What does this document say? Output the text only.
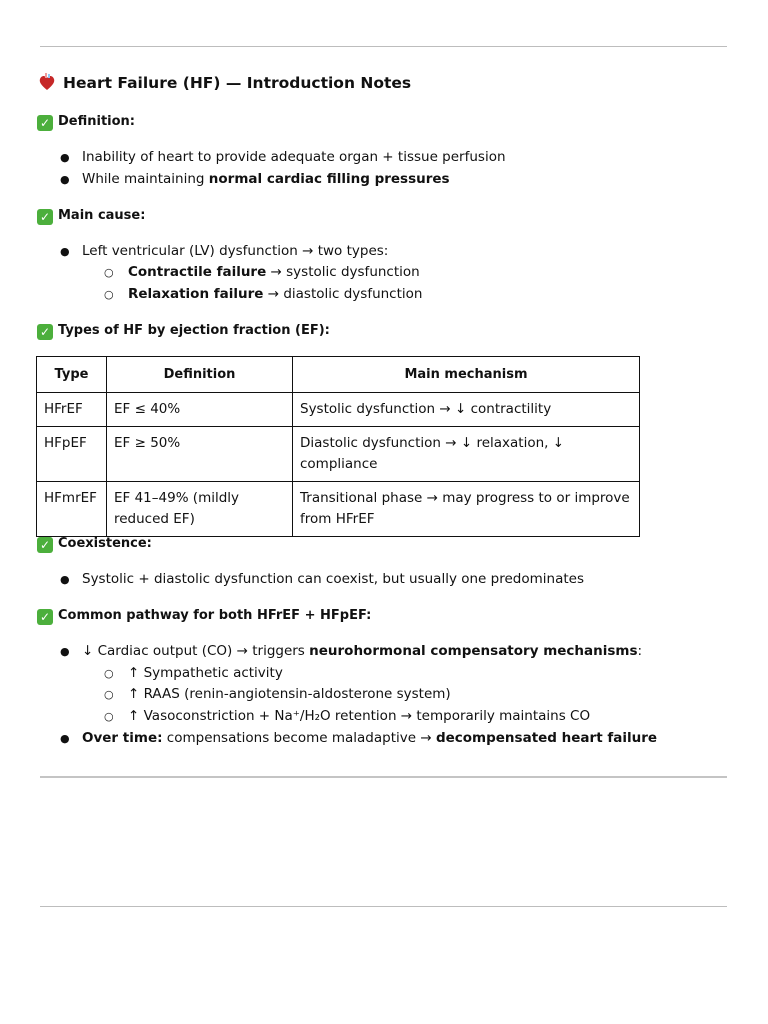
Heart Failure (HF) — Introduction Notes
✓ Definition:
● Inability of heart to provide adequate organ + tissue perfusion
● While maintaining normal cardiac filling pressures
✓ Main cause:
● Left ventricular (LV) dysfunction → two types:
○ Contractile failure → systolic dysfunction
○ Relaxation failure → diastolic dysfunction
✓ Types of HF by ejection fraction (EF):
Type	Definition	Main mechanism
HFrEF	EF ≤ 40%	Systolic dysfunction → ↓ contractility
HFpEF	EF ≥ 50%	Diastolic dysfunction → ↓ relaxation, ↓ compliance
HFmrEF	EF 41–49% (mildly reduced EF)	Transitional phase → may progress to or improve from HFrEF
✓ Coexistence:
● Systolic + diastolic dysfunction can coexist, but usually one predominates
✓ Common pathway for both HFrEF + HFpEF:
● ↓ Cardiac output (CO) → triggers neurohormonal compensatory mechanisms:
○ ↑ Sympathetic activity
○ ↑ RAAS (renin-angiotensin-aldosterone system)
○ ↑ Vasoconstriction + Na⁺/H₂O retention → temporarily maintains CO
● Over time: compensations become maladaptive → decompensated heart failure
